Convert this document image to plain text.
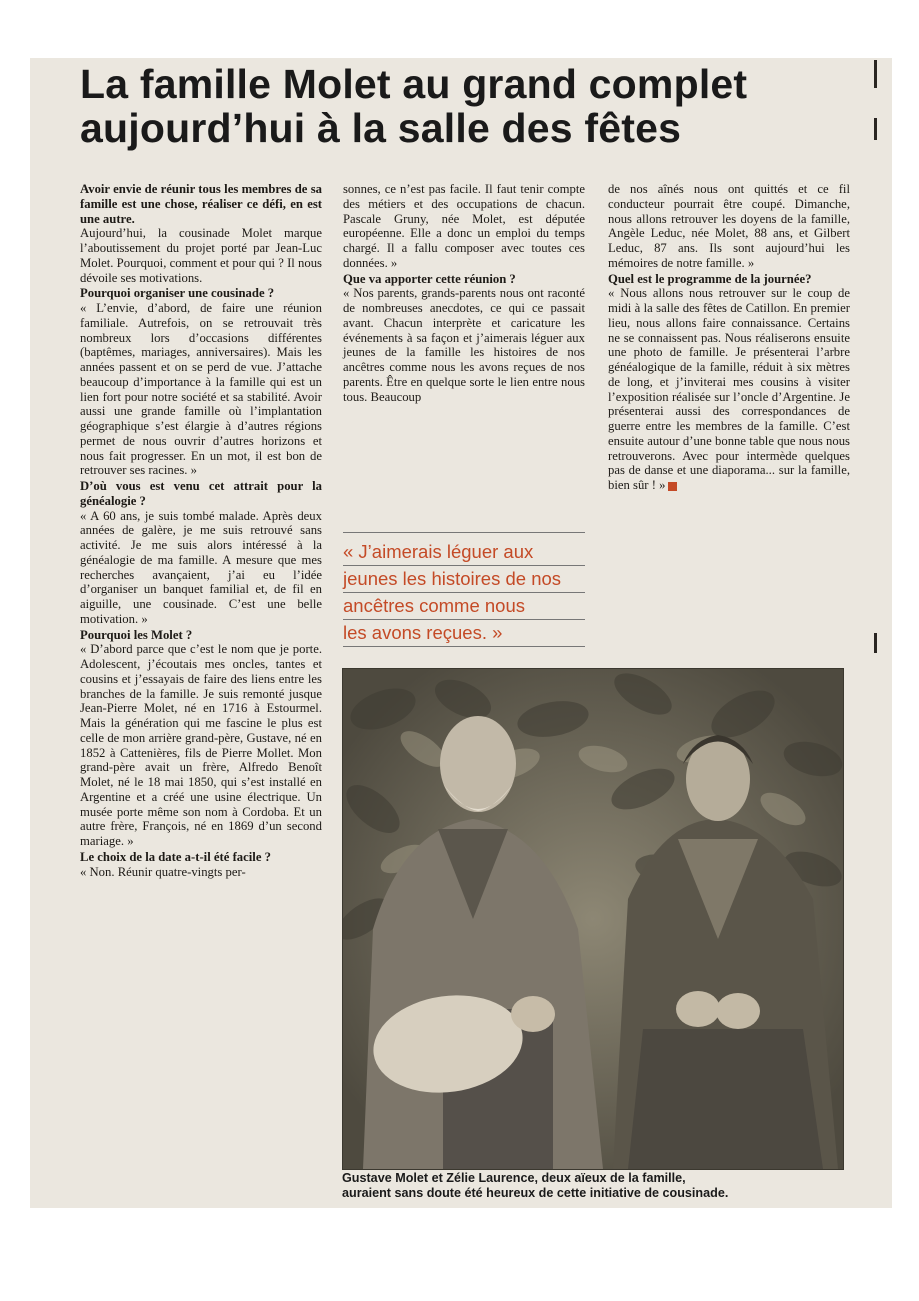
La famille Molet au grand complet
aujourd’hui à la salle des fêtes

Avoir envie de réunir tous les membres de sa famille est une chose, réaliser ce défi, en est une autre.

Aujourd’hui, la cousinade Molet marque l’aboutissement du projet porté par Jean-Luc Molet. Pourquoi, comment et pour qui ? Il nous dévoile ses motivations.

Pourquoi organiser une cousinade ?

« L’envie, d’abord, de faire une réunion familiale. Autrefois, on se retrouvait très nombreux lors d’occasions différentes (baptêmes, mariages, anniversaires). Mais les années passent et on se perd de vue. J’attache beaucoup d’importance à la famille qui est un lien fort pour notre société et sa stabilité. Avoir aussi une grande famille où l’implantation géographique s’est élargie à d’autres régions permet de nous ouvrir d’autres horizons et nous fait progresser. En un mot, il est bon de retrouver ses racines. »

D’où vous est venu cet attrait pour la généalogie ?

« A 60 ans, je suis tombé malade. Après deux années de galère, je me suis retrouvé sans activité. Je me suis alors intéressé à la généalogie de ma famille. A mesure que mes recherches avançaient, j’ai eu l’idée d’organiser un banquet familial et, de fil en aiguille, une cousinade. C’est une belle motivation. »

Pourquoi les Molet ?

« D’abord parce que c’est le nom que je porte. Adolescent, j’écoutais mes oncles, tantes et cousins et j’essayais de faire des liens entre les branches de la famille. Je suis remonté jusque Jean-Pierre Molet, né en 1716 à Estourmel. Mais la génération qui me fascine le plus est celle de mon arrière grand-père, Gustave, né en 1852 à Cattenières, fils de Pierre Mollet. Mon grand-père avait un frère, Alfredo Benoît Molet, né le 18 mai 1850, qui s’est installé en Argentine et a créé une usine électrique. Un musée porte même son nom à Cordoba. Et un autre frère, François, né en 1869 d’un second mariage. »

Le choix de la date a-t-il été facile ?

« Non. Réunir quatre-vingts per-

sonnes, ce n’est pas facile. Il faut tenir compte des métiers et des occupations de chacun. Pascale Gruny, née Molet, est députée européenne. Elle a donc un emploi du temps chargé. Il a fallu composer avec toutes ces données. »

Que va apporter cette réunion ?

« Nos parents, grands-parents nous ont raconté de nombreuses anecdotes, ce qui ce passait avant. Chacun interprète et caricature les événements à sa façon et j’aimerais léguer aux jeunes de la famille les histoires de nos ancêtres comme nous les avons reçues de nos parents. Être en quelque sorte le lien entre nous tous. Beaucoup

« J’aimerais léguer aux
jeunes les histoires de nos
ancêtres comme nous
les avons reçues. »

de nos aînés nous ont quittés et ce fil conducteur pourrait être coupé. Dimanche, nous allons retrouver les doyens de la famille, Angèle Leduc, née Molet, 88 ans, et Gilbert Leduc, 87 ans. Ils sont aujourd’hui les mémoires de notre famille. »

Quel est le programme de la journée?

« Nous allons nous retrouver sur le coup de midi à la salle des fêtes de Catillon. En premier lieu, nous allons faire connaissance. Certains ne se connaissent pas. Nous réaliserons ensuite une photo de famille. Je présenterai l’arbre généalogique de la famille, réduit à six mètres de long, et j’inviterai mes cousins à visiter l’exposition réalisée sur l’oncle d’Argentine. Je présenterai aussi des correspondances de guerre entre les membres de la famille. C’est ensuite autour d’une bonne table que nous nous retrouverons. Avec pour intermède quelques pas de danse et une diaporama... sur la famille, bien sûr ! »

Gustave Molet et Zélie Laurence, deux aïeux de la famille,
auraient sans doute été heureux de cette initiative de cousinade.
